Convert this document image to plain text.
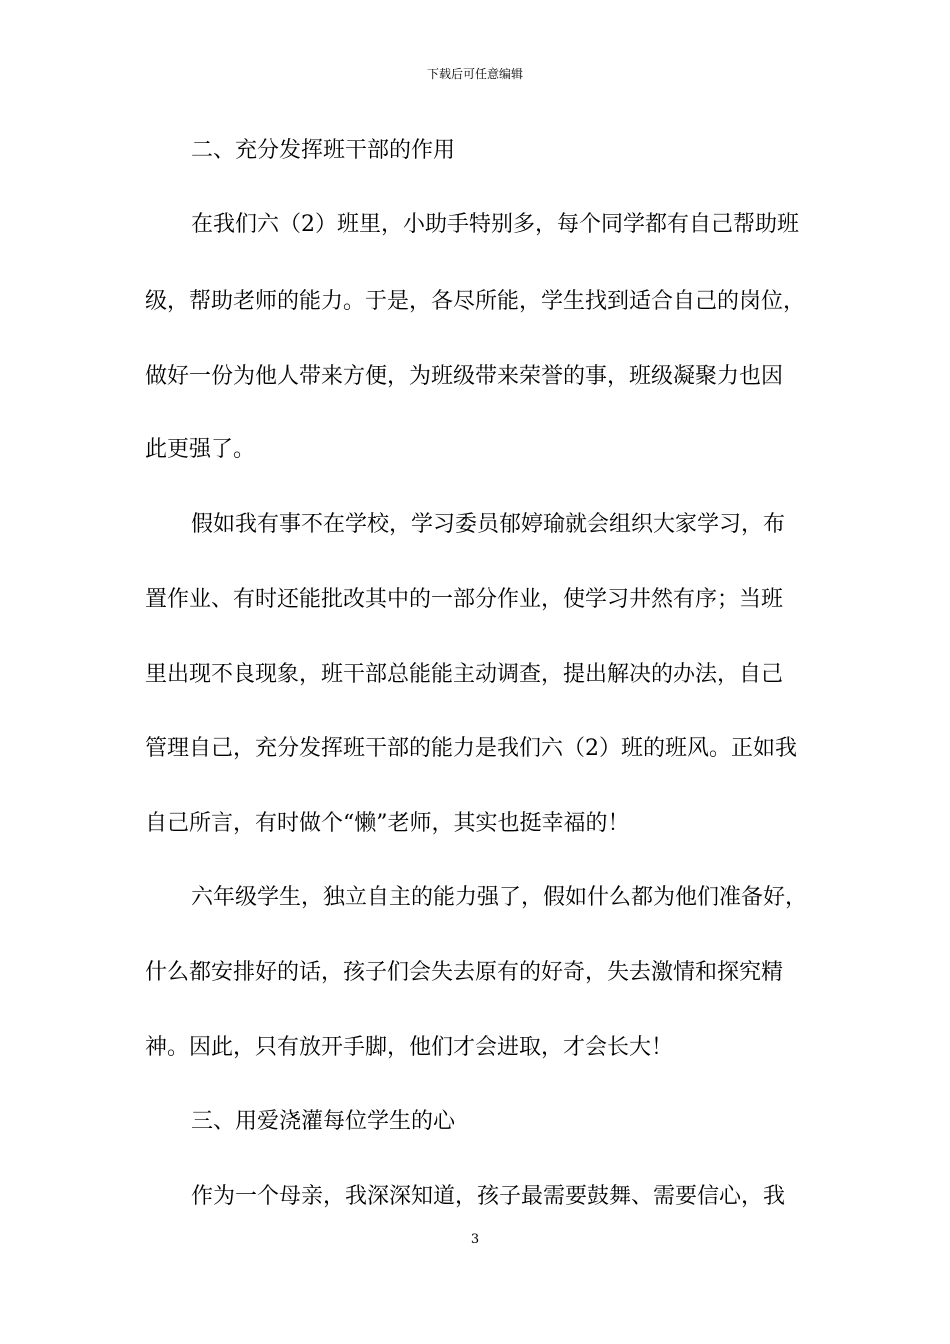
下载后可任意编辑
二、充分发挥班干部的作用
在我们六（2）班里，小助手特别多，每个同学都有自己帮助班
级，帮助老师的能力。于是，各尽所能，学生找到适合自己的岗位，
做好一份为他人带来方便，为班级带来荣誉的事，班级凝聚力也因
此更强了。
假如我有事不在学校，学习委员郁婷瑜就会组织大家学习，布
置作业、有时还能批改其中的一部分作业，使学习井然有序；当班
里出现不良现象，班干部总能能主动调查，提出解决的办法，自己
管理自己，充分发挥班干部的能力是我们六（2）班的班风。正如我
自己所言，有时做个“懒”老师，其实也挺幸福的！
六年级学生，独立自主的能力强了，假如什么都为他们准备好，
什么都安排好的话，孩子们会失去原有的好奇，失去激情和探究精
神。因此，只有放开手脚，他们才会进取，才会长大！
三、用爱浇灌每位学生的心
作为一个母亲，我深深知道，孩子最需要鼓舞、需要信心，我
3
